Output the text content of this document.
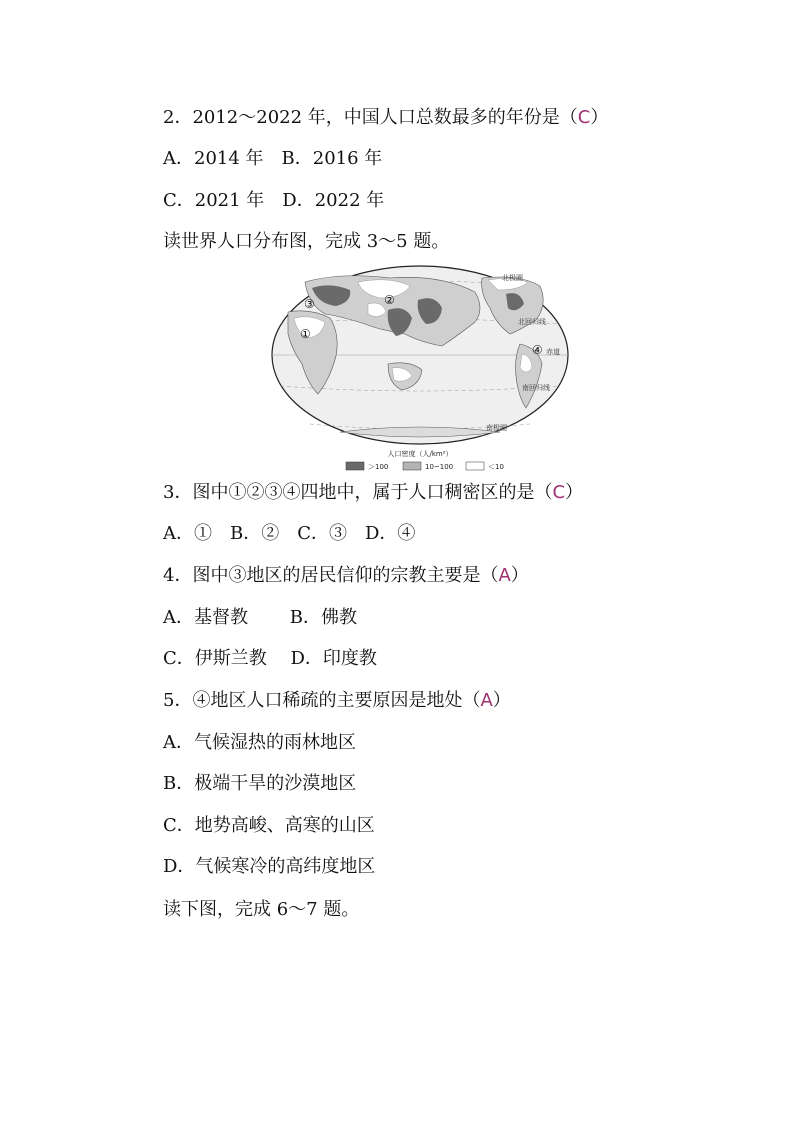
2．2012～2022 年，中国人口总数最多的年份是（C）
A．2014 年　B．2016 年
C．2021 年　D．2022 年
读世界人口分布图，完成 3～5 题。
③
①
②
④
北极圈
北回归线
赤道
南回归线
南极圈
人口密度（人/km²）
＞100	10~100	＜10
3．图中①②③④四地中，属于人口稠密区的是（C）
A．①　B．②　C．③　D．④
4．图中③地区的居民信仰的宗教主要是（A）
A．基督教　　 B．佛教
C．伊斯兰教　 D．印度教
5．④地区人口稀疏的主要原因是地处（A）
A．气候湿热的雨林地区
B．极端干旱的沙漠地区
C．地势高峻、高寒的山区
D．气候寒冷的高纬度地区
读下图，完成 6～7 题。
